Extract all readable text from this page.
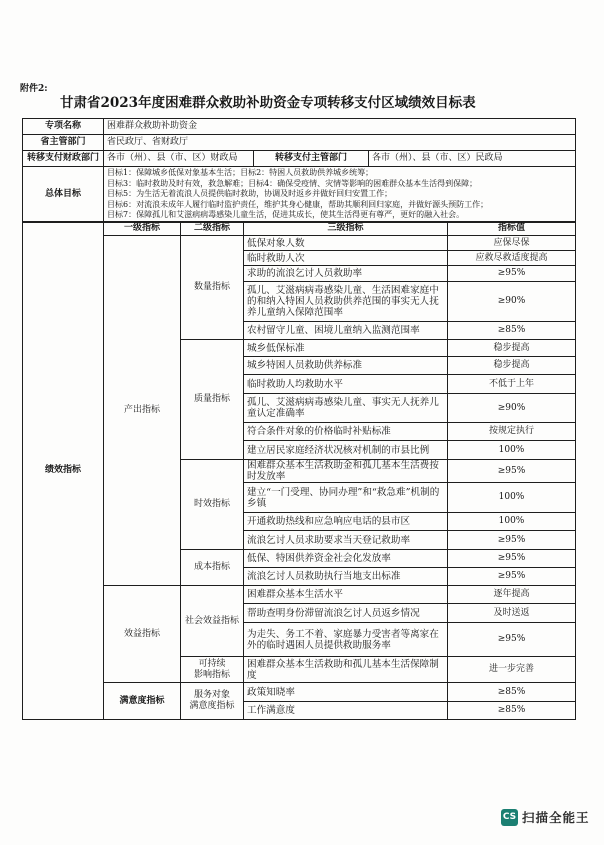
附件2:
甘肃省2023年度困难群众救助补助资金专项转移支付区域绩效目标表
专项名称	困难群众救助补助资金		
省主管部门	省民政厅、省财政厅		
转移支付财政部门	各市（州）、县（市、区）财政局	转移支付主管部门	各市（州）、县（市、区）民政局
总体目标	目标1：保障城乡低保对象基本生活；目标2：特困人员救助供养城乡统筹；
目标3：临时救助及时有效，救急解难；目标4：确保受疫情、灾情等影响的困难群众基本生活得到保障；
目标5：为生活无着流浪人员提供临时救助，协调及时返乡并做好回归安置工作；
目标6：对流浪未成年人履行临时监护责任，维护其身心健康，帮助其顺利回归家庭，并做好源头预防工作；
目标7：保障孤儿和艾滋病病毒感染儿童生活，促进其成长，使其生活得更有尊严，更好的融入社会。		
绩效指标	一级指标	二级指标	三级指标	指标值
	产出指标	数量指标	低保对象人数	应保尽保
			临时救助人次	应救尽救适度提高
			求助的流浪乞讨人员救助率	≥95%
			孤儿、艾滋病病毒感染儿童、生活困难家庭中的和纳入特困人员救助供养范围的事实无人抚养儿童纳入保障范围率	≥90%
			农村留守儿童、困境儿童纳入监测范围率	≥85%
		质量指标	城乡低保标准	稳步提高
			城乡特困人员救助供养标准	稳步提高
			临时救助人均救助水平	不低于上年
			孤儿、艾滋病病毒感染儿童、事实无人抚养儿童认定准确率	≥90%
			符合条件对象的价格临时补贴标准	按规定执行
			建立居民家庭经济状况核对机制的市县比例	100%
		时效指标	困难群众基本生活救助金和孤儿基本生活费按时发放率	≥95%
			建立“一门受理、协同办理”和“救急难”机制的乡镇	100%
			开通救助热线和应急响应电话的县市区	100%
			流浪乞讨人员求助要求当天登记救助率	≥95%
		成本指标	低保、特困供养资金社会化发放率	≥95%
			流浪乞讨人员救助执行当地支出标准	≥95%
	效益指标	社会效益指标	困难群众基本生活水平	逐年提高
			帮助查明身份滞留流浪乞讨人员返乡情况	及时送返
			为走失、务工不着、家庭暴力受害者等离家在外的临时遇困人员提供救助服务率	≥95%
		可持续
影响指标	困难群众基本生活救助和孤儿基本生活保障制度	进一步完善
	满意度指标	服务对象
满意度指标	政策知晓率	≥85%
			工作满意度	≥85%
CS 扫描全能王
